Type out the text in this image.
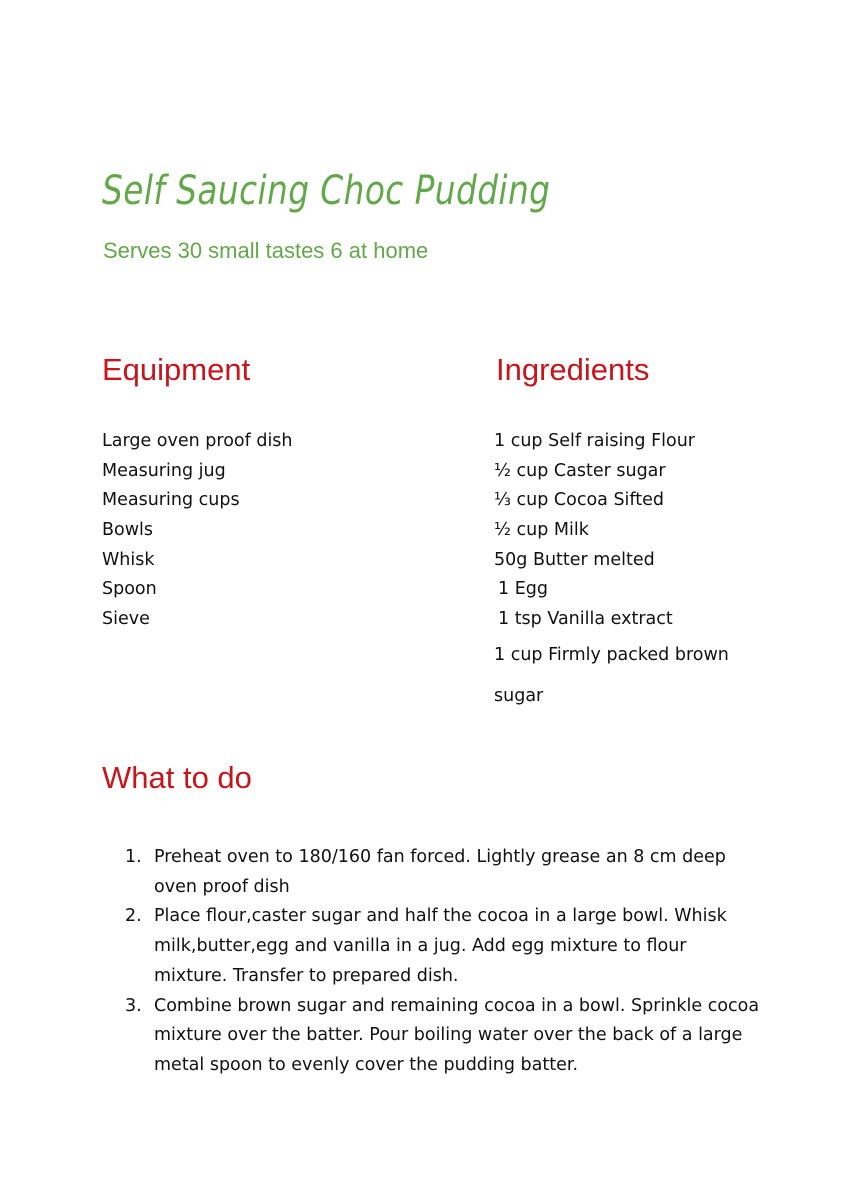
Self Saucing Choc Pudding
Serves 30 small tastes 6 at home
Equipment	Ingredients
Large oven proof dish
Measuring jug
Measuring cups
Bowls
Whisk
Spoon
Sieve
1 cup Self raising Flour
½ cup Caster sugar
⅓ cup Cocoa Sifted
½ cup Milk
50g Butter melted
1 Egg
1 tsp Vanilla extract
1 cup Firmly packed brown
sugar
What to do
1. Preheat oven to 180/160 fan forced. Lightly grease an 8 cm deep oven proof dish
2. Place flour,caster sugar and half the cocoa in a large bowl. Whisk milk,butter,egg and vanilla in a jug. Add egg mixture to flour mixture. Transfer to prepared dish.
3. Combine brown sugar and remaining cocoa in a bowl. Sprinkle cocoa mixture over the batter. Pour boiling water over the back of a large metal spoon to evenly cover the pudding batter.
